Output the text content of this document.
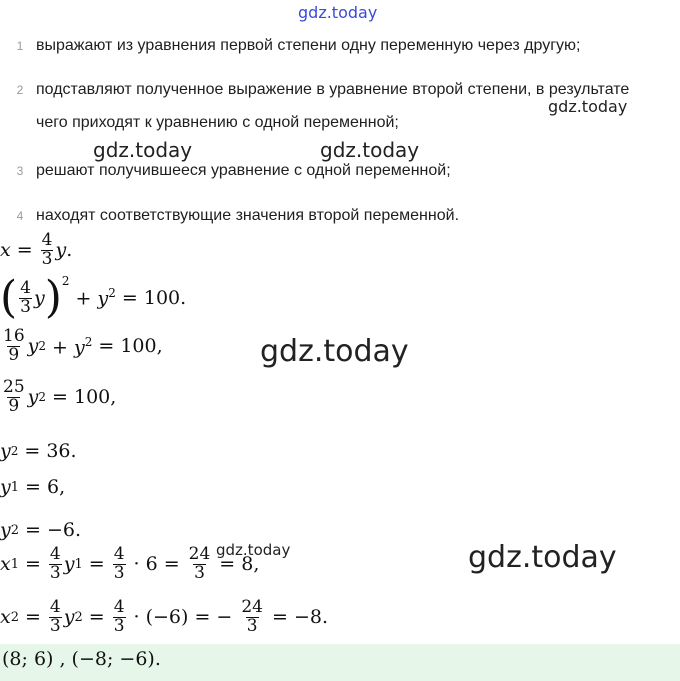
gdz.today
gdz.today
gdz.today	gdz.today
gdz.today
gdz.today
gdz.today
1 выражают из уравнения первой степени одну переменную через другую;
2 подставляют полученное выражение в уравнение второй степени, в результате чего приходят к уравнению с одной переменной;
3 решают получившееся уравнение с одной переменной;
4 находят соответствующие значения второй переменной.
$x = \frac{4}{3}$ y .
( $\frac{4}{3}$ y )$^2$
+ $y^2 = 100$.
$\frac{16}{9}$ y $2 + y^2 = 100$,
$\frac{25}{9}$ y 2 = 100,
y 2 = 36.
y 1 = 6,
y 2 = −6.
x $1 = \frac{4}{3}$ y $1 = \frac{4}{3} \cdot 6 = \frac{24}{3} = 8$,
x $2 = \frac{4}{3}$ y $2 = \frac{4}{3} \cdot (-6)$ = − $\frac{24}{3} = -8$.
(8; 6) , (−8; −6).
